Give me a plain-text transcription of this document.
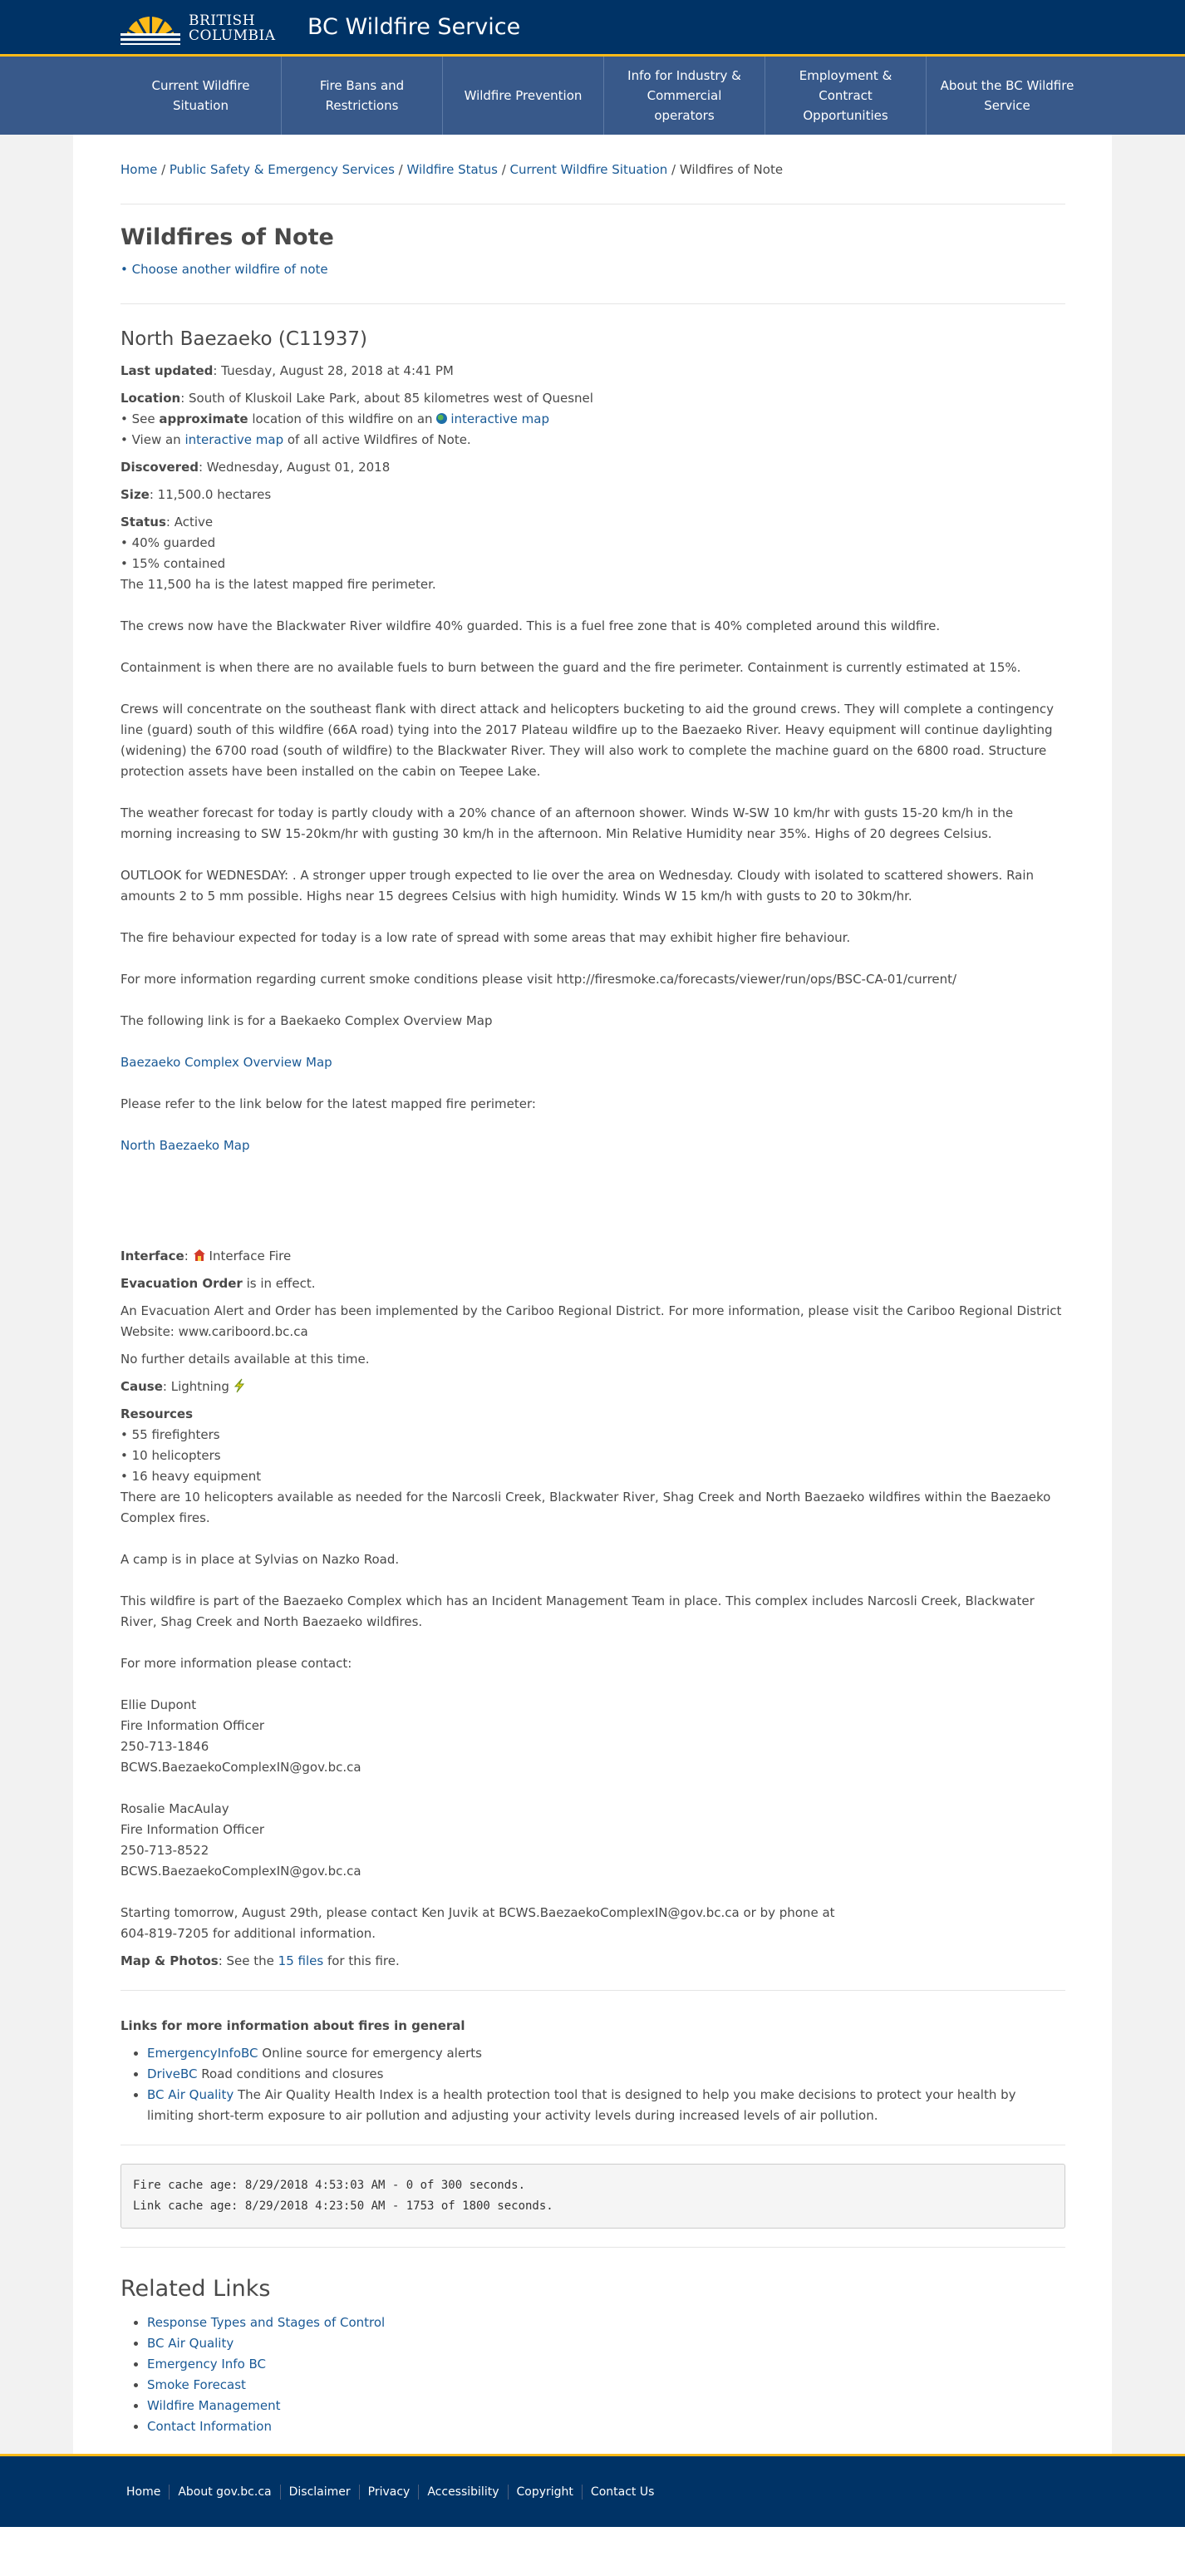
BRITISH
COLUMBIA BC Wildfire Service
Current Wildfire Situation
Fire Bans and Restrictions
Wildfire Prevention
Info for Industry & Commercial operators
Employment & Contract Opportunities
About the BC Wildfire Service
Home / Public Safety & Emergency Services / Wildfire Status / Current Wildfire Situation / Wildfires of Note
Wildfires of Note
• Choose another wildfire of note
North Baezaeko (C11937)

Last updated: Tuesday, August 28, 2018 at 4:41 PM

Location: South of Kluskoil Lake Park, about 85 kilometres west of Quesnel
• See approximate location of this wildfire on an interactive map
• View an interactive map of all active Wildfires of Note.

Discovered: Wednesday, August 01, 2018

Size: 11,500.0 hectares

Status: Active
• 40% guarded
• 15% contained
The 11,500 ha is the latest mapped fire perimeter.

The crews now have the Blackwater River wildfire 40% guarded. This is a fuel free zone that is 40% completed around this wildfire.

Containment is when there are no available fuels to burn between the guard and the fire perimeter. Containment is currently estimated at 15%.

Crews will concentrate on the southeast flank with direct attack and helicopters bucketing to aid the ground crews. They will complete a contingency line (guard) south of this wildfire (66A road) tying into the 2017 Plateau wildfire up to the Baezaeko River. Heavy equipment will continue daylighting (widening) the 6700 road (south of wildfire) to the Blackwater River. They will also work to complete the machine guard on the 6800 road. Structure protection assets have been installed on the cabin on Teepee Lake.

The weather forecast for today is partly cloudy with a 20% chance of an afternoon shower. Winds W-SW 10 km/hr with gusts 15-20 km/h in the morning increasing to SW 15-20km/hr with gusting 30 km/h in the afternoon. Min Relative Humidity near 35%. Highs of 20 degrees Celsius.

OUTLOOK for WEDNESDAY: . A stronger upper trough expected to lie over the area on Wednesday. Cloudy with isolated to scattered showers. Rain amounts 2 to 5 mm possible. Highs near 15 degrees Celsius with high humidity. Winds W 15 km/h with gusts to 20 to 30km/hr.

The fire behaviour expected for today is a low rate of spread with some areas that may exhibit higher fire behaviour.

For more information regarding current smoke conditions please visit http://firesmoke.ca/forecasts/viewer/run/ops/BSC-CA-01/current/

The following link is for a Baekaeko Complex Overview Map

Baezaeko Complex Overview Map

Please refer to the link below for the latest mapped fire perimeter:

North Baezaeko Map

Interface: Interface Fire

Evacuation Order is in effect.

An Evacuation Alert and Order has been implemented by the Cariboo Regional District. For more information, please visit the Cariboo Regional District Website: www.cariboord.bc.ca

No further details available at this time.

Cause: Lightning

Resources
• 55 firefighters
• 10 helicopters
• 16 heavy equipment
There are 10 helicopters available as needed for the Narcosli Creek, Blackwater River, Shag Creek and North Baezaeko wildfires within the Baezaeko Complex fires.

A camp is in place at Sylvias on Nazko Road.

This wildfire is part of the Baezaeko Complex which has an Incident Management Team in place. This complex includes Narcosli Creek, Blackwater River, Shag Creek and North Baezaeko wildfires.

For more information please contact:

Ellie Dupont
Fire Information Officer
250-713-1846
BCWS.BaezaekoComplexIN@gov.bc.ca

Rosalie MacAulay
Fire Information Officer
250-713-8522
BCWS.BaezaekoComplexIN@gov.bc.ca

Starting tomorrow, August 29th, please contact Ken Juvik at BCWS.BaezaekoComplexIN@gov.bc.ca or by phone at 604-819-7205 for additional information.

Map & Photos: See the 15 files for this fire.

Links for more information about fires in general
• EmergencyInfoBC Online source for emergency alerts
• DriveBC Road conditions and closures
• BC Air Quality The Air Quality Health Index is a health protection tool that is designed to help you make decisions to protect your health by limiting short-term exposure to air pollution and adjusting your activity levels during increased levels of air pollution.
Fire cache age: 8/29/2018 4:53:03 AM - 0 of 300 seconds.
Link cache age: 8/29/2018 4:23:50 AM - 1753 of 1800 seconds.
Related Links
• Response Types and Stages of Control
• BC Air Quality
• Emergency Info BC
• Smoke Forecast
• Wildfire Management
• Contact Information
Home	About gov.bc.ca	Disclaimer	Privacy	Accessibility	Copyright	Contact Us
